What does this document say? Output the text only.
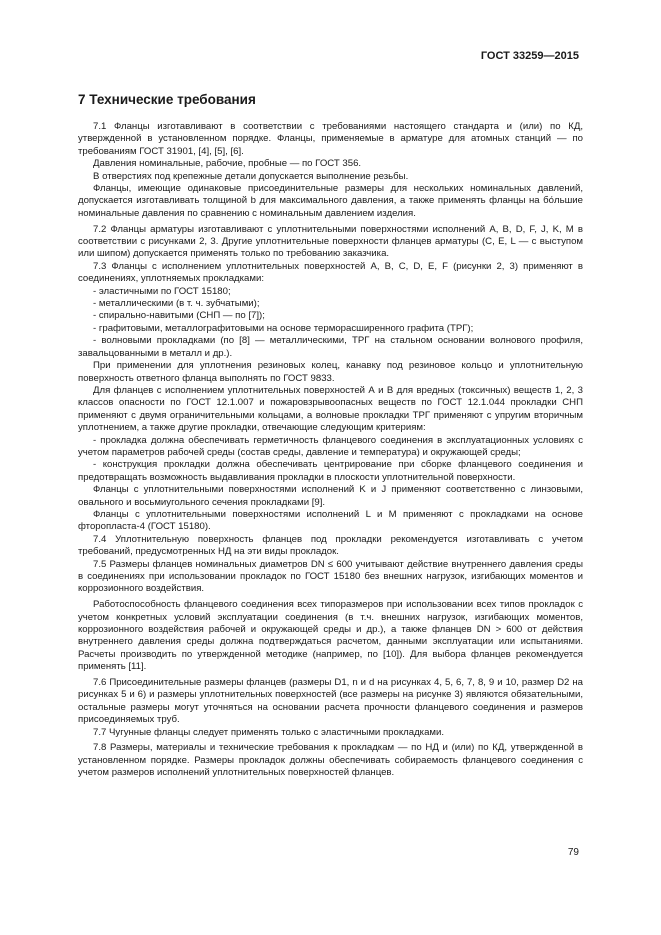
ГОСТ 33259—2015
7 Технические требования

7.1 Фланцы изготавливают в соответствии с требованиями настоящего стандарта и (или) по КД, утвержденной в установленном порядке. Фланцы, применяемые в арматуре для атомных станций — по требованиям ГОСТ 31901, [4], [5], [6].

Давления номинальные, рабочие, пробные — по ГОСТ 356.

В отверстиях под крепежные детали допускается выполнение резьбы.

Фланцы, имеющие одинаковые присоединительные размеры для нескольких номинальных давлений, допускается изготавливать толщиной b для максимального давления, а также применять фланцы на бо́льшие номинальные давления по сравнению с номинальным давлением изделия.

7.2 Фланцы арматуры изготавливают с уплотнительными поверхностями исполнений А, В, D, F, J, K, M в соответствии с рисунками 2, 3. Другие уплотнительные поверхности фланцев арматуры (С, Е, L — с выступом или шипом) допускается применять только по требованию заказчика.

7.3 Фланцы с исполнением уплотнительных поверхностей А, В, С, D, E, F (рисунки 2, 3) применяют в соединениях, уплотняемых прокладками:

- эластичными по ГОСТ 15180;

- металлическими (в т. ч. зубчатыми);

- спирально-навитыми (СНП — по [7]);

- графитовыми, металлографитовыми на основе терморасширенного графита (ТРГ);

- волновыми прокладками (по [8] — металлическими, ТРГ на стальном основании волнового профиля, завальцованными в металл и др.).

При применении для уплотнения резиновых колец, канавку под резиновое кольцо и уплотнительную поверхность ответного фланца выполнять по ГОСТ 9833.

Для фланцев с исполнением уплотнительных поверхностей А и В для вредных (токсичных) веществ 1, 2, 3 классов опасности по ГОСТ 12.1.007 и пожаровзрывоопасных веществ по ГОСТ 12.1.044 прокладки СНП применяют с двумя ограничительными кольцами, а волновые прокладки ТРГ применяют с упругим вторичным уплотнением, а также другие прокладки, отвечающие следующим критериям:

- прокладка должна обеспечивать герметичность фланцевого соединения в эксплуатационных условиях с учетом параметров рабочей среды (состав среды, давление и температура) и окружающей среды;

- конструкция прокладки должна обеспечивать центрирование при сборке фланцевого соединения и предотвращать возможность выдавливания прокладки в плоскости уплотнительной поверхности.

Фланцы с уплотнительными поверхностями исполнений K и J применяют соответственно с линзовыми, овального и восьмиугольного сечения прокладками [9].

Фланцы с уплотнительными поверхностями исполнений L и M применяют с прокладками на основе фторопласта-4 (ГОСТ 15180).

7.4 Уплотнительную поверхность фланцев под прокладки рекомендуется изготавливать с учетом требований, предусмотренных НД на эти виды прокладок.

7.5 Размеры фланцев номинальных диаметров DN ≤ 600 учитывают действие внутреннего давления среды в соединениях при использовании прокладок по ГОСТ 15180 без внешних нагрузок, изгибающих моментов и коррозионного воздействия.

Работоспособность фланцевого соединения всех типоразмеров при использовании всех типов прокладок с учетом конкретных условий эксплуатации соединения (в т.ч. внешних нагрузок, изгибающих моментов, коррозионного воздействия рабочей и окружающей среды и др.), а также фланцев DN > 600 от действия внутреннего давления среды должна подтверждаться расчетом, данными эксплуатации или испытаниями. Расчеты производить по утвержденной методике (например, по [10]). Для выбора фланцев рекомендуется применять [11].

7.6 Присоединительные размеры фланцев (размеры D1, n и d на рисунках 4, 5, 6, 7, 8, 9 и 10, размер D2 на рисунках 5 и 6) и размеры уплотнительных поверхностей (все размеры на рисунке 3) являются обязательными, остальные размеры могут уточняться на основании расчета прочности фланцевого соединения и размеров присоединяемых труб.

7.7 Чугунные фланцы следует применять только с эластичными прокладками.

7.8 Размеры, материалы и технические требования к прокладкам — по НД и (или) по КД, утвержденной в установленном порядке. Размеры прокладок должны обеспечивать собираемость фланцевого соединения с учетом размеров исполнений уплотнительных поверхностей фланцев.

79
